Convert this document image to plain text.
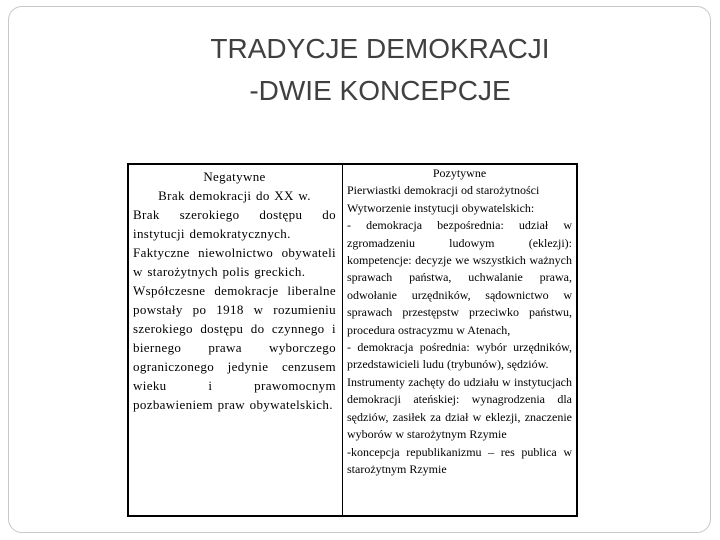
TRADYCJE DEMOKRACJI
-DWIE KONCEPCJE
Negatywne
Brak demokracji do XX w.
Brak szerokiego dostępu do instytucji demokratycznych.
Faktyczne niewolnictwo obywateli w starożytnych polis greckich.
Współczesne demokracje liberalne powstały po 1918 w rozumieniu szerokiego dostępu do czynnego i biernego prawa wyborczego ograniczonego jedynie cenzusem wieku i prawomocnym pozbawieniem praw obywatelskich.
Pozytywne
Pierwiastki demokracji od starożytności
Wytworzenie instytucji obywatelskich:
- demokracja bezpośrednia: udział w zgromadzeniu ludowym (eklezji): kompetencje: decyzje we wszystkich ważnych sprawach państwa, uchwalanie prawa, odwołanie urzędników, sądownictwo w sprawach przestępstw przeciwko państwu, procedura ostracyzmu w Atenach,
- demokracja pośrednia: wybór urzędników, przedstawicieli ludu (trybunów), sędziów.
Instrumenty zachęty do udziału w instytucjach demokracji ateńskiej: wynagrodzenia dla sędziów, zasiłek za dział w eklezji, znaczenie wyborów w starożytnym Rzymie
-koncepcja republikanizmu – res publica w starożytnym Rzymie
